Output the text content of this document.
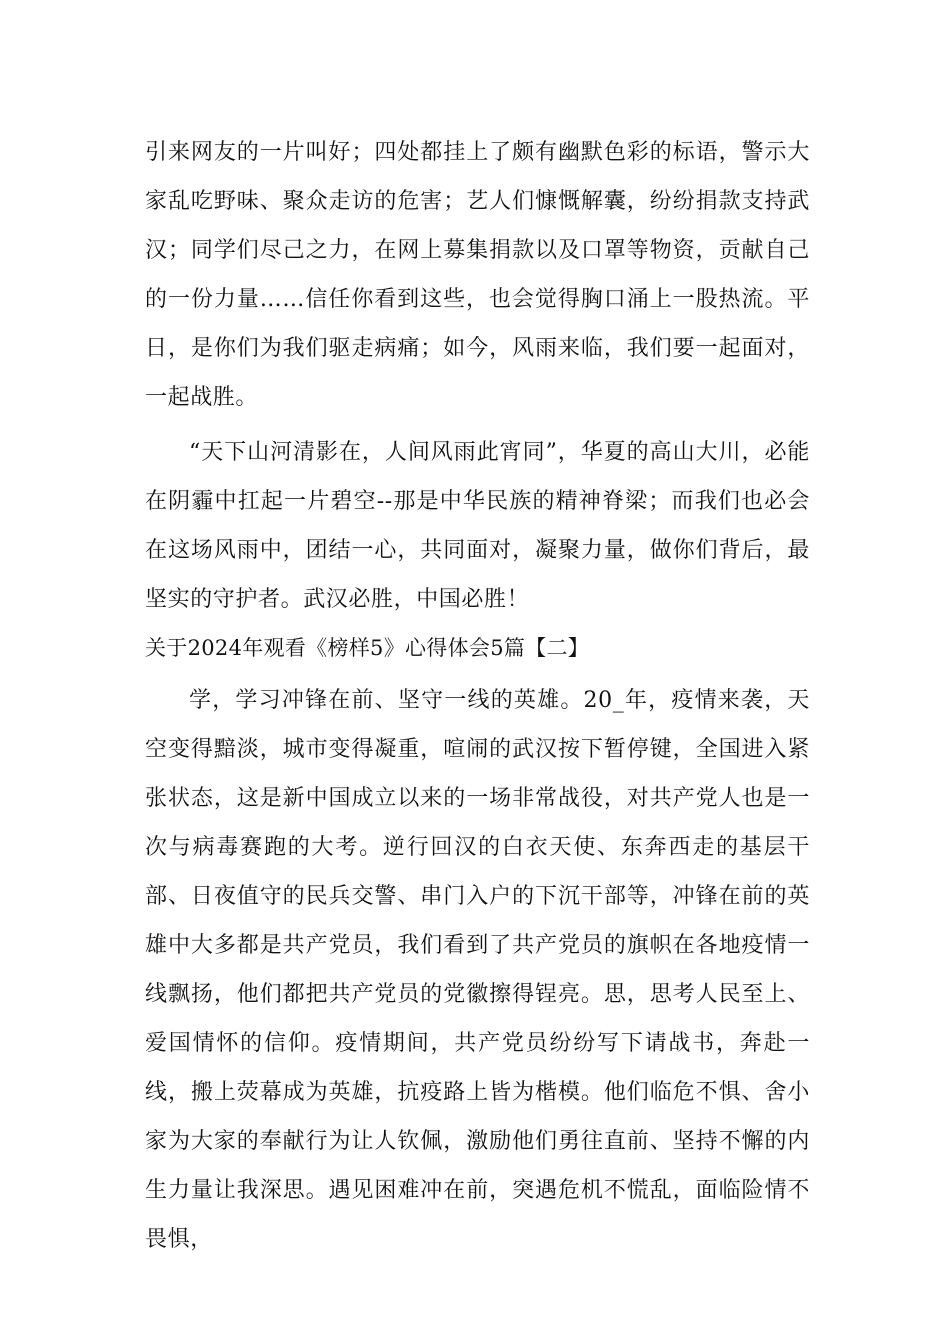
引来网友的一片叫好；四处都挂上了颇有幽默色彩的标语，警示大家乱吃野味、聚众走访的危害；艺人们慷慨解囊，纷纷捐款支持武汉；同学们尽己之力，在网上募集捐款以及口罩等物资，贡献自己的一份力量……信任你看到这些，也会觉得胸口涌上一股热流。平日，是你们为我们驱走病痛；如今，风雨来临，我们要一起面对，一起战胜。

“天下山河清影在，人间风雨此宵同”，华夏的高山大川，必能在阴霾中扛起一片碧空--那是中华民族的精神脊梁；而我们也必会在这场风雨中，团结一心，共同面对，凝聚力量，做你们背后，最坚实的守护者。武汉必胜，中国必胜！

关于2024年观看《榜样5》心得体会5篇【二】

学，学习冲锋在前、坚守一线的英雄。20_年，疫情来袭，天空变得黯淡，城市变得凝重，喧闹的武汉按下暂停键，全国进入紧张状态，这是新中国成立以来的一场非常战役，对共产党人也是一次与病毒赛跑的大考。逆行回汉的白衣天使、东奔西走的基层干部、日夜值守的民兵交警、串门入户的下沉干部等，冲锋在前的英雄中大多都是共产党员，我们看到了共产党员的旗帜在各地疫情一线飘扬，他们都把共产党员的党徽擦得锃亮。思，思考人民至上、爱国情怀的信仰。疫情期间，共产党员纷纷写下请战书，奔赴一线，搬上荧幕成为英雄，抗疫路上皆为楷模。他们临危不惧、舍小家为大家的奉献行为让人钦佩，激励他们勇往直前、坚持不懈的内生力量让我深思。遇见困难冲在前，突遇危机不慌乱，面临险情不畏惧，
